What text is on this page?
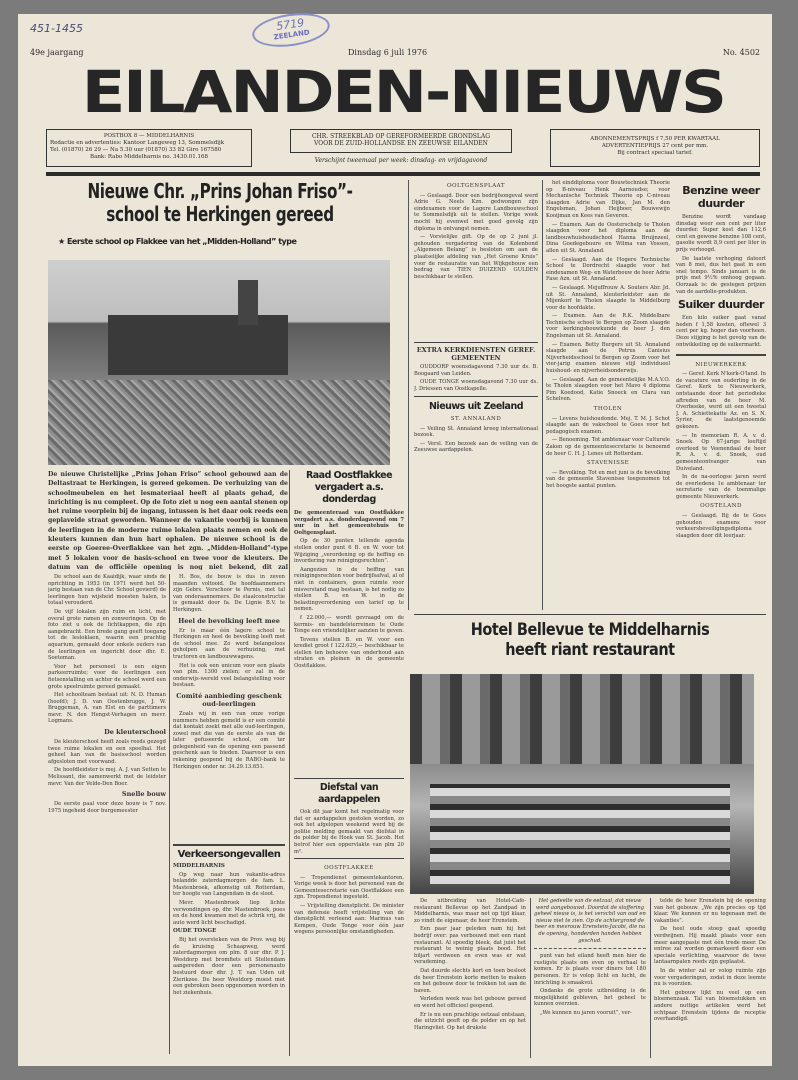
451-1455	5719
ZEELAND
49e jaargang	Dinsdag 6 juli 1976	No. 4502
EILANDEN-NIEUWS
POSTBOX 8 — MIDDELHARNIS
Redactie en advertenties: Kantoor Langeweg 13, Sommelsdijk
Tel. (01870) 26 29 — Na 5.30 uur (01870) 33 82 Giro 167580
Bank: Rabo Middelharnis no. 3430.01.168
CHR. STREEKBLAD OP GEREFORMEERDE GRONDSLAG
VOOR DE ZUID-HOLLANDSE EN ZEEUWSE EILANDEN
Verschijnt tweemaal per week: dinsdag- en vrijdagavond
ABONNEMENTSPRIJS f 7,50 PER KWARTAAL
ADVERTENTIEPRIJS 27 cent per mm.
Bij contract speciaal tarief.
Nieuwe Chr. „Prins Johan Friso”-
school te Herkingen gereed
★ Eerste school op Flakkee van het „Midden-Holland” type
De nieuwe Christelijke „Prins Johan Friso” school gebouwd aan de Deltastraat te Herkingen, is gereed gekomen. De verhuizing van de schoolmeubelen en het lesmateriaal heeft al plaats gehad, de inrichting is nu compleet. Op de foto ziet u nog een aantal stenen op het ruime voorplein bij de ingang, intussen is het daar ook reeds een geplaveide straat geworden. Wanneer de vakantie voorbij is kunnen de leerlingen in de moderne ruime lokalen plaats nemen en ook de kleuters kunnen dan hun hart ophalen. De nieuwe school is de eerste op Goeree-Overflakkee van het zgn. „Midden-Holland”-type met 5 lokalen voor de basis-school en twee voor de kleuters. De datum van de officiële opening is nog niet bekend, dit zal

De school aan de Kaaidijk, waar sinds de oprichting in 1953 (in 1971 werd het 50-jarig bestaan van de Chr. School gevierd) de leerlingen hun wijsheid moesten halen, is totaal verouderd.

De vijf lokalen zijn ruim en licht, met overal grote ramen en zonweringen. Op de foto ziet u ook de lichtkappen, die zijn aangebracht. Een brede gang geeft toegang tot de lesloklaen, waarin een prachtig aquarium, gemaakt door enkele ouders van de leerlingen en ingericht door dhr. E. Soeteman.

Voor het personeel is een eigen parkeerruimte; voor de leerlingen een fietsenstalling en achter de school werd een grote speelruimte gereed gemaakt.

Het schoolteam bestaat uit: N. D. Human (hoofd); J. D. van Oostenbrugge, J. W. Bruggeman, A. van Elst en de parttimers mevr. N. den Hengst-Verhagen en mevr. Logmans.

De kleuterschool

De kleuterschool heeft zoals reeds gezegd twee ruime lokalen en een speelhal. Het geheel kan van de basisschool worden afgesloten met voorwand.

De hoofdleidster is mej. A. J. van Setten te Melissant, die samenwerkt met de leidster mevr. Van der Velde-Den Boer.

Snelle bouw

De eerste paal voor deze bouw is 7 nov. 1975 ingeheid door burgemeester

H. Bos, de bouw is dus in zeven maanden voltooid. De hoofdaannemers zijn Gebrs. Verschoor te Pernis, met tal van onderaannemers. De staalconstructie is gemaakt door fa. De Lignie B.V. te Herkingen.

Heel de bevolking leeft mee

Er is maar één lagere school te Herkingen en heel de bevolking leeft met de school mee. Zo werd belangeloos geholpen aan de verhuizing, met tractoren en landbouwwagens.

Het is ook een unicum voor een plaats van plm. 1300 zielen; er zal in de onderwijs-wereld veel belangstelling voor bestaan.

Comité aanbieding geschenk oud-leerlingen

Zoals wij in een van onze vorige nummers hebben gemeld is er een comité dat kontakt zoekt met alle oud-leerlingen, zowel met die van de eerste als van de later gefuseerde school, om ter gelegenheid van de opening een passend geschenk aan te bieden. Daarvoor is een rekening geopend bij de RABO-bank te Herkingen onder nr. 34.29.13.651.

Verkeersongevallen
MIDDELHARNIS

Op weg naar hun vakantie-adres belandde zaterdagmorgen de fam. L. Mastenbroek, afkomstig uit Rotterdam, ter hoogte van Langendam in de sloot.

Mevr. Mastenbroek liep lichte verwondingen op, dhr. Mastenbroek, poes en de hond kwamen met de schrik vrij, de auto werd licht beschadigd.

OUDE TONGE

Bij het oversteken van de Prov. weg bij de kruising Schaapweg, werd zaterdagmorgen om plm. 8 uur dhr. P. J. Westdorp met bromfiets uit Stellendam aangereden door een personenauto bestuurd door dhr. J. T. van Uden uit Zierikzee. De heer Westdorp moest met een gebroken been opgenomen worden in het ziekenhuis.

Raad Oostflakkee vergadert a.s. donderdag

De gemeenteraad van Oostflakkee vergadert a.s. donderdagavond om 7 uur in het gemeentehuis te Ooltgensplaat.

Op de 30 punten tellende agenda stellen onder punt 6 B. en W. voor tot Wijziging „verordening op de heffing en invordering van reinigingsrechten”.

Aangezien in de heffing van reinigingsrechten voor bedrijfsafval, al of niet in containers, geen ruimte voor misverstand mag bestaan, is het nodig zo stellen B. en W. in de belastingverordening een tarief op te nemen.

f 22.000,— wordt gevraagd om de kermis- en handelsterreinen te Oude Tonge een vriendelijker aanzien te geven.

Tevens stellen B. en W. voor een krediet groot f 122.629,— beschikbaar te stellen ten behoeve van onderhoud aan straten en pleinen in de gemeente Oostflakkee.

Diefstal van aardappelen

Ook dit jaar komt het regelmatig voor dat er aardappelen gestolen worden, zo ook het afgelopen weekend werd bij de politie melding gemaakt van diefstal in de polder bij de Hoek van St. Jacob. Het betrof hier een oppervlakte van plm 20 m².

OOSTFLAKKEE

— Tropendienst gemeentekantoren. Vorige week is door het personeel van de Gemeentesecretarie van Oostflakkee een zgn. Tropendienst ingesteld.

— Vrijstelling dienstplicht. De minister van defensie heeft vrijstelling van de dienstplicht verleend aan: Marinus van Kempen, Oude Tonge voor één jaar wegens persoonlijke omstandigheden.

OOLTGENSPLAAT

— Geslaagd. Door een bedrijfsongeval werd Adrie G. Neels Kzn. gedwongen zijn eindexamen voor de Lagere Landbouwschool te Sommelsdijk uit te stellen. Vorige week mocht hij evenwel met goed gevolg zijn diploma in ontvangst nemen.

— Vorstelijke gift. Op de op 2 juni jl. gehouden vergadering van de Kolenbond „Algemeen Belang” is besloten om aan de plaatselijke afdeling van „Het Groene Kruis” voor de restauratie van het Wijkgebouw een bedrag van TIEN DUIZEND GULDEN beschikbaar te stellen.

EXTRA KERKDIENSTEN GEREF. GEMEENTEN

OUDDORP woensdagavond 7.30 uur ds. B. Boogaard van Leiden.

OUDE TONGE woensdagavond 7.30 uur ds. J. Driessen van Oostkapelle.

Nieuws uit Zeeland
ST. ANNALAND

— Veiling St. Annaland kreeg internationaal bezoek.

— Versl. Een bezoek aan de veiling van de Zeeuwse aardappelen.

het einddiploma voor Bouwtechniek Theorie op B-niveau Henk Aarnoudse; voor Mechanische Techniek Theorie op C-niveau slaagden Adrie van Dijke, Jan M. den Engelsman, Johan Heijboer, Bouwewijn Kooijman en Kees van Geveren.

— Examen. Aan de Oosterschelp te Tholen slaagden voor het diploma aan de landbouwhuishoudschool Hanna Bruijnzeel, Dina Goedegebuure en Wilma van Vossen, allen uit St. Annaland.

— Geslaagd. Aan de Hogere Technische School te Dordrecht slaagde voor het eindexamen Weg- en Waterbouw de heer Adrie Fase Azn. uit St. Annaland.

— Geslaagd. Mejuffrouw A. Souters Abr. Jd. uit St. Annaland, kleuterleidster aan de Mijenkorf te Tholen slaagde te Middelburg voor de hoofdakte.

— Examen. Aan de R.K. Middelbare Technische school te Bergen op Zoom slaagde voor kerkingsbouwkunde de heer J. den Engelsman uit St. Annaland.

— Examen. Betty Burgers uit St. Annaland slaagde aan de Petrus Canisius Nijverheidsschool te Bergen op Zoom voor het vier-jarig examen nieuwe stijl individueel huishoud- en nijverheidsonderwijs.

— Geslaagd. Aan de gemeentelijke M.A.V.O. te Tholen slaagden voor het Mavo 4 diploma Pim Koedood, Katie Snoeck en Clara van Schelven.

THOLEN

— Levens huishoudonde. Mej. T. M. J. Schot slaagde aan de vakschool te Goes voor het pedagogisch examen.

— Benoeming. Tot ambtenaar voor Culturele Zaken op de gemeentesecretarie is benoemd de heer C. H. J. Lenes uit Rotterdam.

STAVENISSE

— Bevolking. Tot en met juni is de bevolking van de gemeente Stavenisse toegenomen tot het hoogste aantal punten.

Benzine weer duurder

Benzine wordt vandaag dinsdag weer een cent per liter duurder. Super kost dan 112,6 cent en gewone benzine 108 cent, gasolie wordt 8,9 cent per liter in prijs verhoogd.

De laatste verhoging dateert van 8 mei, dus het gaat in een snel tempo. Sinds januari is de prijs met 9½% omhoog gegaan. Oorzaak is: de gestegen prijzen van de aardolie-produkten.

Suiker duurder

Een kilo suiker gaat vanaf heden f 1,58 kosten, oftewel 3 cent per kg. hoger dan voorheen. Deze stijging is het gevolg van de ontwikkeling op de suikermarkt.

NIEUWERKERK

— Geref. Kerk N'kerk-O'land. In de vacature van ouderling in de Geref. Kerk te Nieuwerkerk, ontstaande door het periodieke aftreden van de heer M. Overbeeke, werd uit een tweetal J. A. Schiettekatte Az. en S. N. Syrier, de laatstgenoemde gekozen.

— In memoriam R. A. v. d. Snoek. Op 67-jarige leeftijd overleed te Veenendaal de heer R. A. v. d. Snoek, oud gemeenteontvanger van Duiveland.

In de na-oorlogse jaren werd de overledene 1e ambtenaar ter secretarie van de toenmalige gemeente Nieuwerkerk.

OOSTELAND

— Geslaagd. Bij de te Goes gehouden examens voor verkeersbeveiligingsdiploma slaagden door dit leerjaar.

Hotel Bellevue te Middelharnis
heeft riant restaurant

De uitbreiding van Hotel-Café-restaurant Bellevue op het Zandpad in Middelharnis, was maar net op tijd klaar, zo vindt de eigenaar, de heer Erenstein.

Een paar jaar geleden nam hij het bedrijf over: pas verbouwd met een riant restaurant. Al spoedig bleek, dat juist het restaurant te weinig plaats bood. Het biljart verdween en even was er wat verademing.

Dat duurde slechts kort en toen besloot de heer Erenstein korte metten te maken en het gebouw door te trekken tot aan de haven.

Verleden week was het gebouw gereed en werd het officieel geopend.

Er is nu een prachtige eetzaal ontstaan, die uitzicht geeft op de polder en op het Haringvliet. Op het drukste

Het gedeelte van de eetzaal, dat nieuw werd aangebouwd. Doordat de stoffering geheel nieuw is, is het verschil van oud en nieuw niet te zien. Op de achtergrond de heer en mevrouw Erenstein-Jacobi, die na de opening, honderden handen hebben geschud.

punt van het eiland heeft men hier de rustigste plaats om even op verhaal te komen. Er is plaats voor diners tot 180 personen. Er is volop licht en lucht, de inrichting is smaakvol.

Ondanks de grote uitbreiding is de mogelijkheid gebleven, het geheel te kunnen overzien.

„We kunnen nu jaren vooruit”, ver-

telde de heer Erenstein bij de opening van het gebouw. „We zijn precies op tijd klaar. We kunnen er nu tegenaan met de vakanties”.

De heel oude stoep gaat spoedig verdwijnen. Hij maakt plaats voor een meer aangepaste met één trede meer. De entree zal worden gemarkeerd door een speciale verlichting, waarvoor de twee lantaarnpalen reeds zijn geplaatst.

In de winter zal er volop ruimte zijn voor vergaderingen, zodat in deze leemte nu is voorzien.

Het gebouw lijkt nu veel op een bloemenzaak. Tal van bloemstukken en andere nuttige artikelen werd het echtpaar Erenstein tijdens de receptie overhandigd.
